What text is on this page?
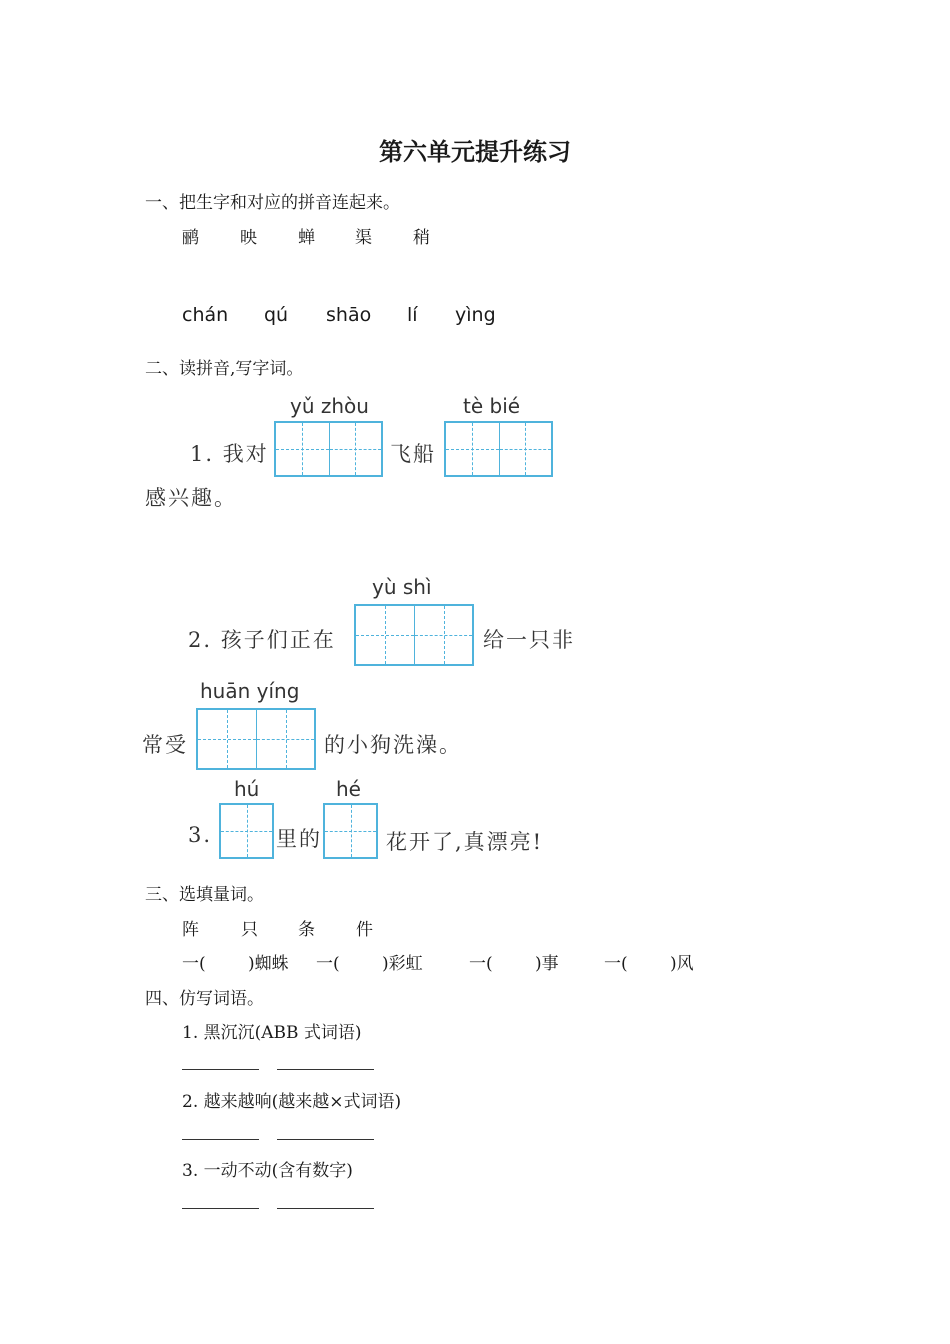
第六单元提升练习
一、把生字和对应的拼音连起来。
鹂 映 蝉 渠 稍
chán qú shāo lí yìng
二、读拼音,写字词。
yǔ zhòu
1. 我对	飞船
tè bié
感兴趣。
yù shì
2. 孩子们正在	给一只非
huān yíng
常受	的小狗洗澡。
hú
3.	里的
hé
花开了,真漂亮!
三、选填量词。
阵 只 条 件
一( )蜘蛛 一( )彩虹	一( )事	一( )风
四、仿写词语。
1. 黑沉沉(ABB 式词语)
2. 越来越响(越来越×式词语)
3. 一动不动(含有数字)
